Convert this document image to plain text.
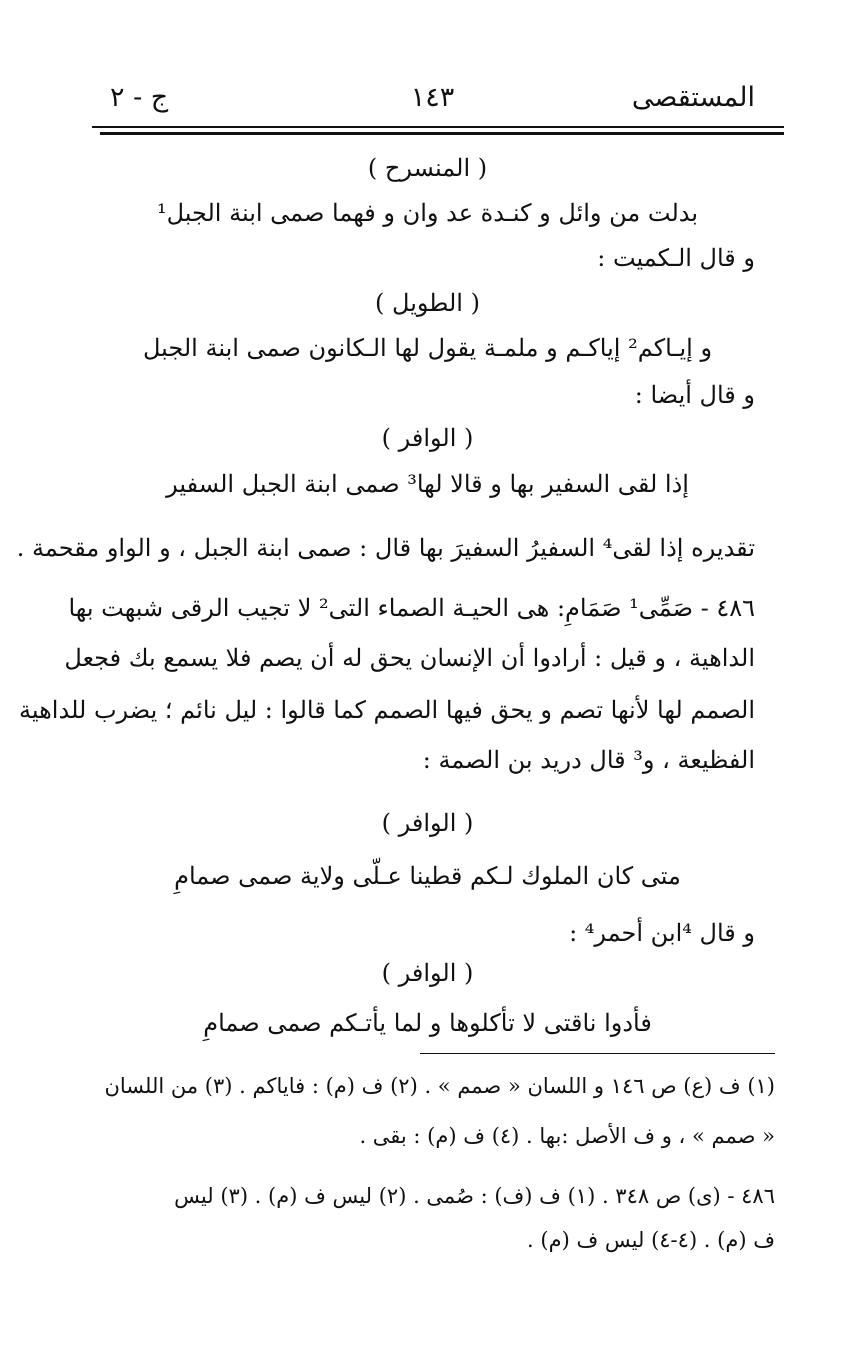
المستقصى
١٤٣
ج - ٢
( المنسرح )
بدلت من وائل و كنـدة عد وان و فهما صمى ابنة الجبل¹
و قال الـكميت :
( الطويل )
و إيـاكم² إياكـم و ملمـة يقول لها الـكانون صمى ابنة الجبل
و قال أيضا :
( الوافر )
إذا لقى السفير بها و قالا لها³ صمى ابنة الجبل السفير
تقديره إذا لقى⁴ السفيرُ السفيرَ بها قال : صمى ابنة الجبل ، و الواو مقحمة .
٤٨٦ - صَمِّى¹ صَمَامِ: هى الحيـة الصماء التى² لا تجيب الرقى شبهت بها
الداهية ، و قيل : أرادوا أن الإنسان يحق له أن يصم فلا يسمع بك فجعل
الصمم لها لأنها تصم و يحق فيها الصمم كما قالوا : ليل نائم ؛ يضرب للداهية
الفظيعة ، و³ قال دريد بن الصمة :
( الوافر )
متى كان الملوك لـكم قطينا عـلّى ولاية صمى صمامِ
و قال ⁴ابن أحمر⁴ :
( الوافر )
فأدوا ناقتى لا تأكلوها و لما يأتـكم صمى صمامِ
(١) ف (ع) ص ١٤٦ و اللسان « صمم » . (٢) ف (م) : فاياكم . (٣) من اللسان
« صمم » ، و ف الأصل :بها . (٤) ف (م) : بقى .
٤٨٦ - (ى) ص ٣٤٨ . (١) ف (ف) : صُمى . (٢) ليس ف (م) . (٣) ليس
ف (م) . (٤-٤) ليس ف (م) .
